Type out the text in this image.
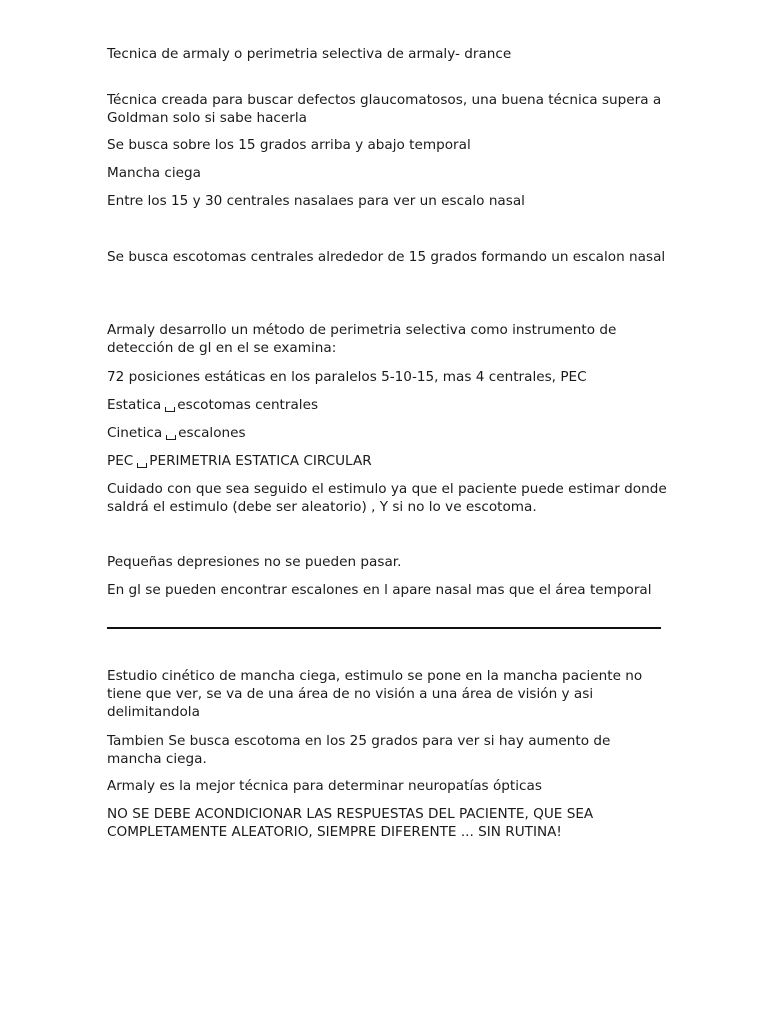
Tecnica de armaly o perimetria selectiva de armaly- drance

Técnica creada para buscar defectos glaucomatosos, una buena técnica supera a Goldman solo si sabe hacerla

Se busca sobre los 15 grados arriba y abajo temporal

Mancha ciega

Entre los 15 y 30 centrales nasalaes para ver un escalo nasal

Se busca escotomas centrales alrededor de 15 grados formando un escalon nasal

Armaly desarrollo un método de perimetria selectiva como instrumento de detección de gl en el se examina:

72 posiciones estáticas en los paralelos 5-10-15, mas 4 centrales, PEC

Estatica escotomas centrales

Cinetica escalones

PEC PERIMETRIA ESTATICA CIRCULAR

Cuidado con que sea seguido el estimulo ya que el paciente puede estimar donde saldrá el estimulo (debe ser aleatorio) , Y si no lo ve escotoma.

Pequeñas depresiones no se pueden pasar.

En gl se pueden encontrar escalones en l apare nasal mas que el área temporal

Estudio cinético de mancha ciega, estimulo se pone en la mancha paciente no tiene que ver, se va de una área de no visión a una área de visión y asi delimitandola

Tambien Se busca escotoma en los 25 grados para ver si hay aumento de mancha ciega.

Armaly es la mejor técnica para determinar neuropatías ópticas

NO SE DEBE ACONDICIONAR LAS RESPUESTAS DEL PACIENTE, QUE SEA COMPLETAMENTE ALEATORIO, SIEMPRE DIFERENTE ... SIN RUTINA!
